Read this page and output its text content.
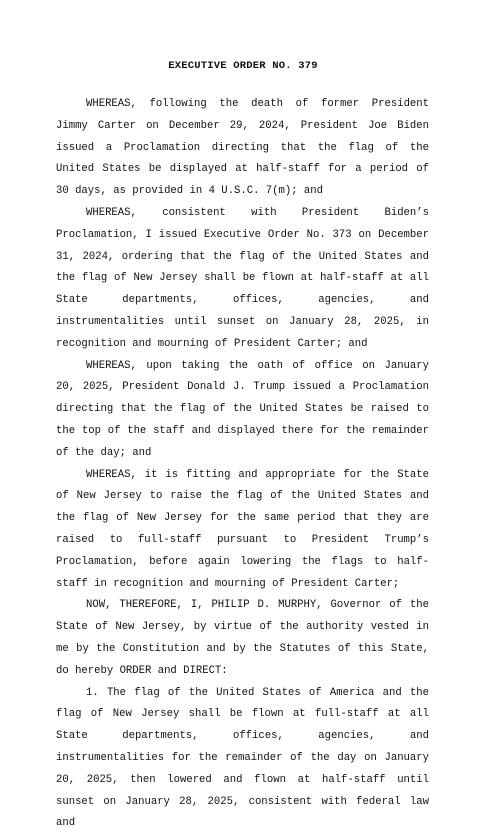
EXECUTIVE ORDER NO. 379

WHEREAS, following the death of former President Jimmy Carter on December 29, 2024, President Joe Biden issued a Proclamation directing that the flag of the United States be displayed at half-staff for a period of 30 days, as provided in 4 U.S.C. 7(m); and

WHEREAS, consistent with President Biden’s Proclamation, I issued Executive Order No. 373 on December 31, 2024, ordering that the flag of the United States and the flag of New Jersey shall be flown at half-staff at all State departments, offices, agencies, and instrumentalities until sunset on January 28, 2025, in recognition and mourning of President Carter; and

WHEREAS, upon taking the oath of office on January 20, 2025, President Donald J. Trump issued a Proclamation directing that the flag of the United States be raised to the top of the staff and displayed there for the remainder of the day; and

WHEREAS, it is fitting and appropriate for the State of New Jersey to raise the flag of the United States and the flag of New Jersey for the same period that they are raised to full-staff pursuant to President Trump’s Proclamation, before again lowering the flags to half-staff in recognition and mourning of President Carter;

NOW, THEREFORE, I, PHILIP D. MURPHY, Governor of the State of New Jersey, by virtue of the authority vested in me by the Constitution and by the Statutes of this State, do hereby ORDER and DIRECT:

1. The flag of the United States of America and the flag of New Jersey shall be flown at full-staff at all State departments, offices, agencies, and instrumentalities for the remainder of the day on January 20, 2025, then lowered and flown at half-staff until sunset on January 28, 2025, consistent with federal law and
